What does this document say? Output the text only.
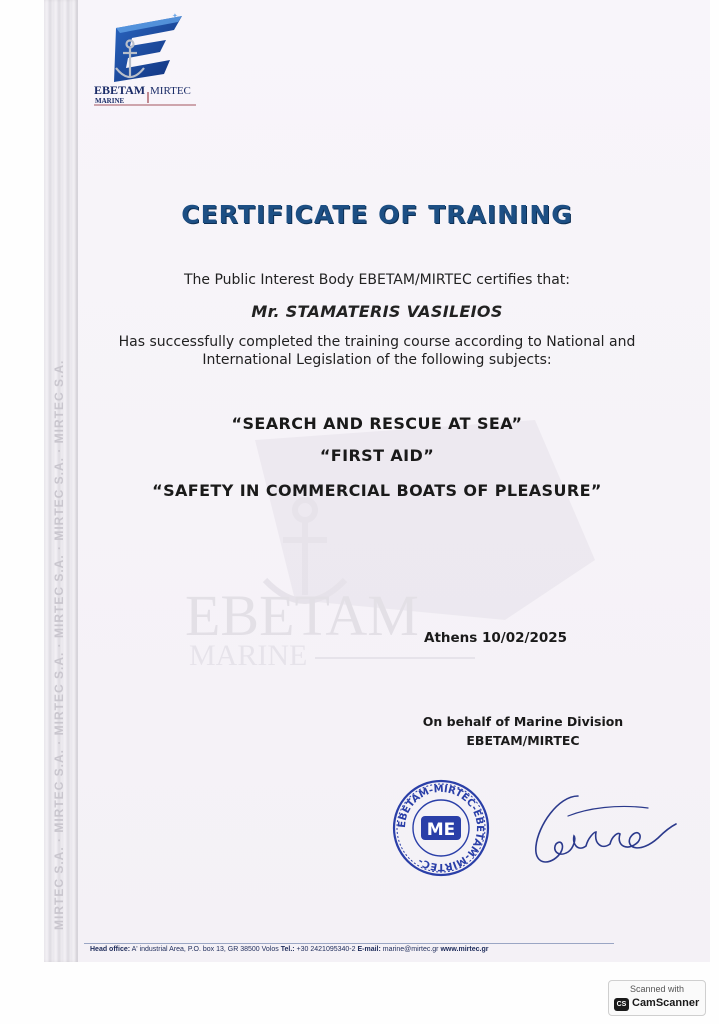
MIRTEC S.A. · MIRTEC S.A. · MIRTEC S.A. · MIRTEC S.A. · MIRTEC S.A. · MIRTEC S.A.
✦
EBETAM MIRTEC
MARINE
EBETAM
MARINE

CERTIFICATE OF TRAINING

The Public Interest Body EBETAM/MIRTEC certifies that:

Mr. STAMATERIS VASILEIOS

Has successfully completed the training course according to National and

International Legislation of the following subjects:

“SEARCH AND RESCUE AT SEA”

“FIRST AID”

“SAFETY IN COMMERCIAL BOATS OF PLEASURE”

Athens 10/02/2025
On behalf of Marine Division
EBETAM/MIRTEC
EBETAM-MIRTEC-EBETAM-MIRTEC-
ME
Head office: A' industrial Area, P.O. box 13, GR 38500 Volos Tel.: +30 2421095340-2 E-mail: marine@mirtec.gr www.mirtec.gr
Scanned with
CS CamScanner
